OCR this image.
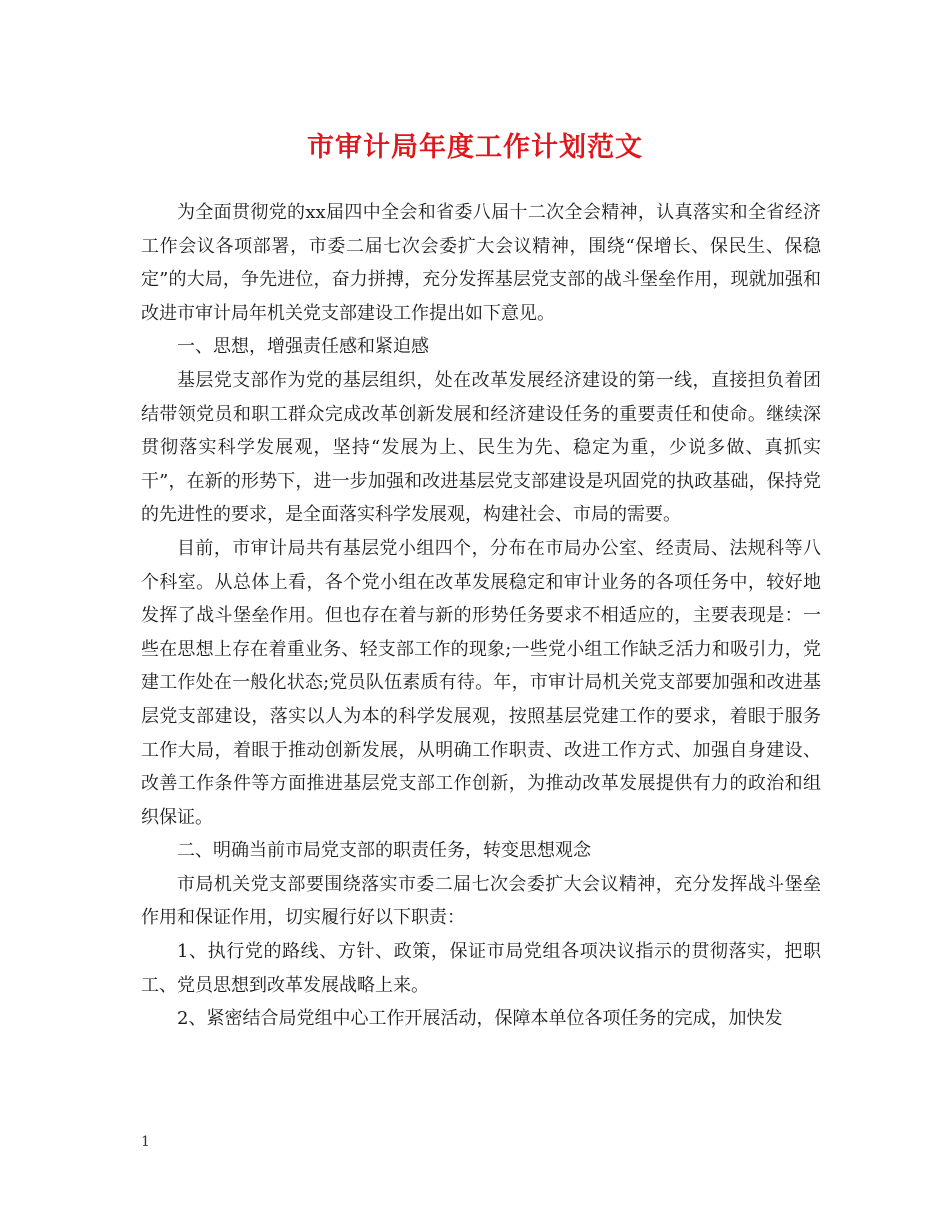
市审计局年度工作计划范文

为全面贯彻党的xx届四中全会和省委八届十二次全会精神，认真落实和全省经济工作会议各项部署，市委二届七次会委扩大会议精神，围绕“保增长、保民生、保稳定”的大局，争先进位，奋力拼搏，充分发挥基层党支部的战斗堡垒作用，现就加强和改进市审计局年机关党支部建设工作提出如下意见。

一、思想，增强责任感和紧迫感

基层党支部作为党的基层组织，处在改革发展经济建设的第一线，直接担负着团结带领党员和职工群众完成改革创新发展和经济建设任务的重要责任和使命。继续深贯彻落实科学发展观，坚持“发展为上、民生为先、稳定为重，少说多做、真抓实干”，在新的形势下，进一步加强和改进基层党支部建设是巩固党的执政基础，保持党的先进性的要求，是全面落实科学发展观，构建社会、市局的需要。

目前，市审计局共有基层党小组四个，分布在市局办公室、经责局、法规科等八个科室。从总体上看，各个党小组在改革发展稳定和审计业务的各项任务中，较好地发挥了战斗堡垒作用。但也存在着与新的形势任务要求不相适应的，主要表现是：一些在思想上存在着重业务、轻支部工作的现象;一些党小组工作缺乏活力和吸引力，党建工作处在一般化状态;党员队伍素质有待。年，市审计局机关党支部要加强和改进基层党支部建设，落实以人为本的科学发展观，按照基层党建工作的要求，着眼于服务工作大局，着眼于推动创新发展，从明确工作职责、改进工作方式、加强自身建设、改善工作条件等方面推进基层党支部工作创新，为推动改革发展提供有力的政治和组织保证。

二、明确当前市局党支部的职责任务，转变思想观念

市局机关党支部要围绕落实市委二届七次会委扩大会议精神，充分发挥战斗堡垒作用和保证作用，切实履行好以下职责：

1、执行党的路线、方针、政策，保证市局党组各项决议指示的贯彻落实，把职工、党员思想到改革发展战略上来。

2、紧密结合局党组中心工作开展活动，保障本单位各项任务的完成，加快发

1
